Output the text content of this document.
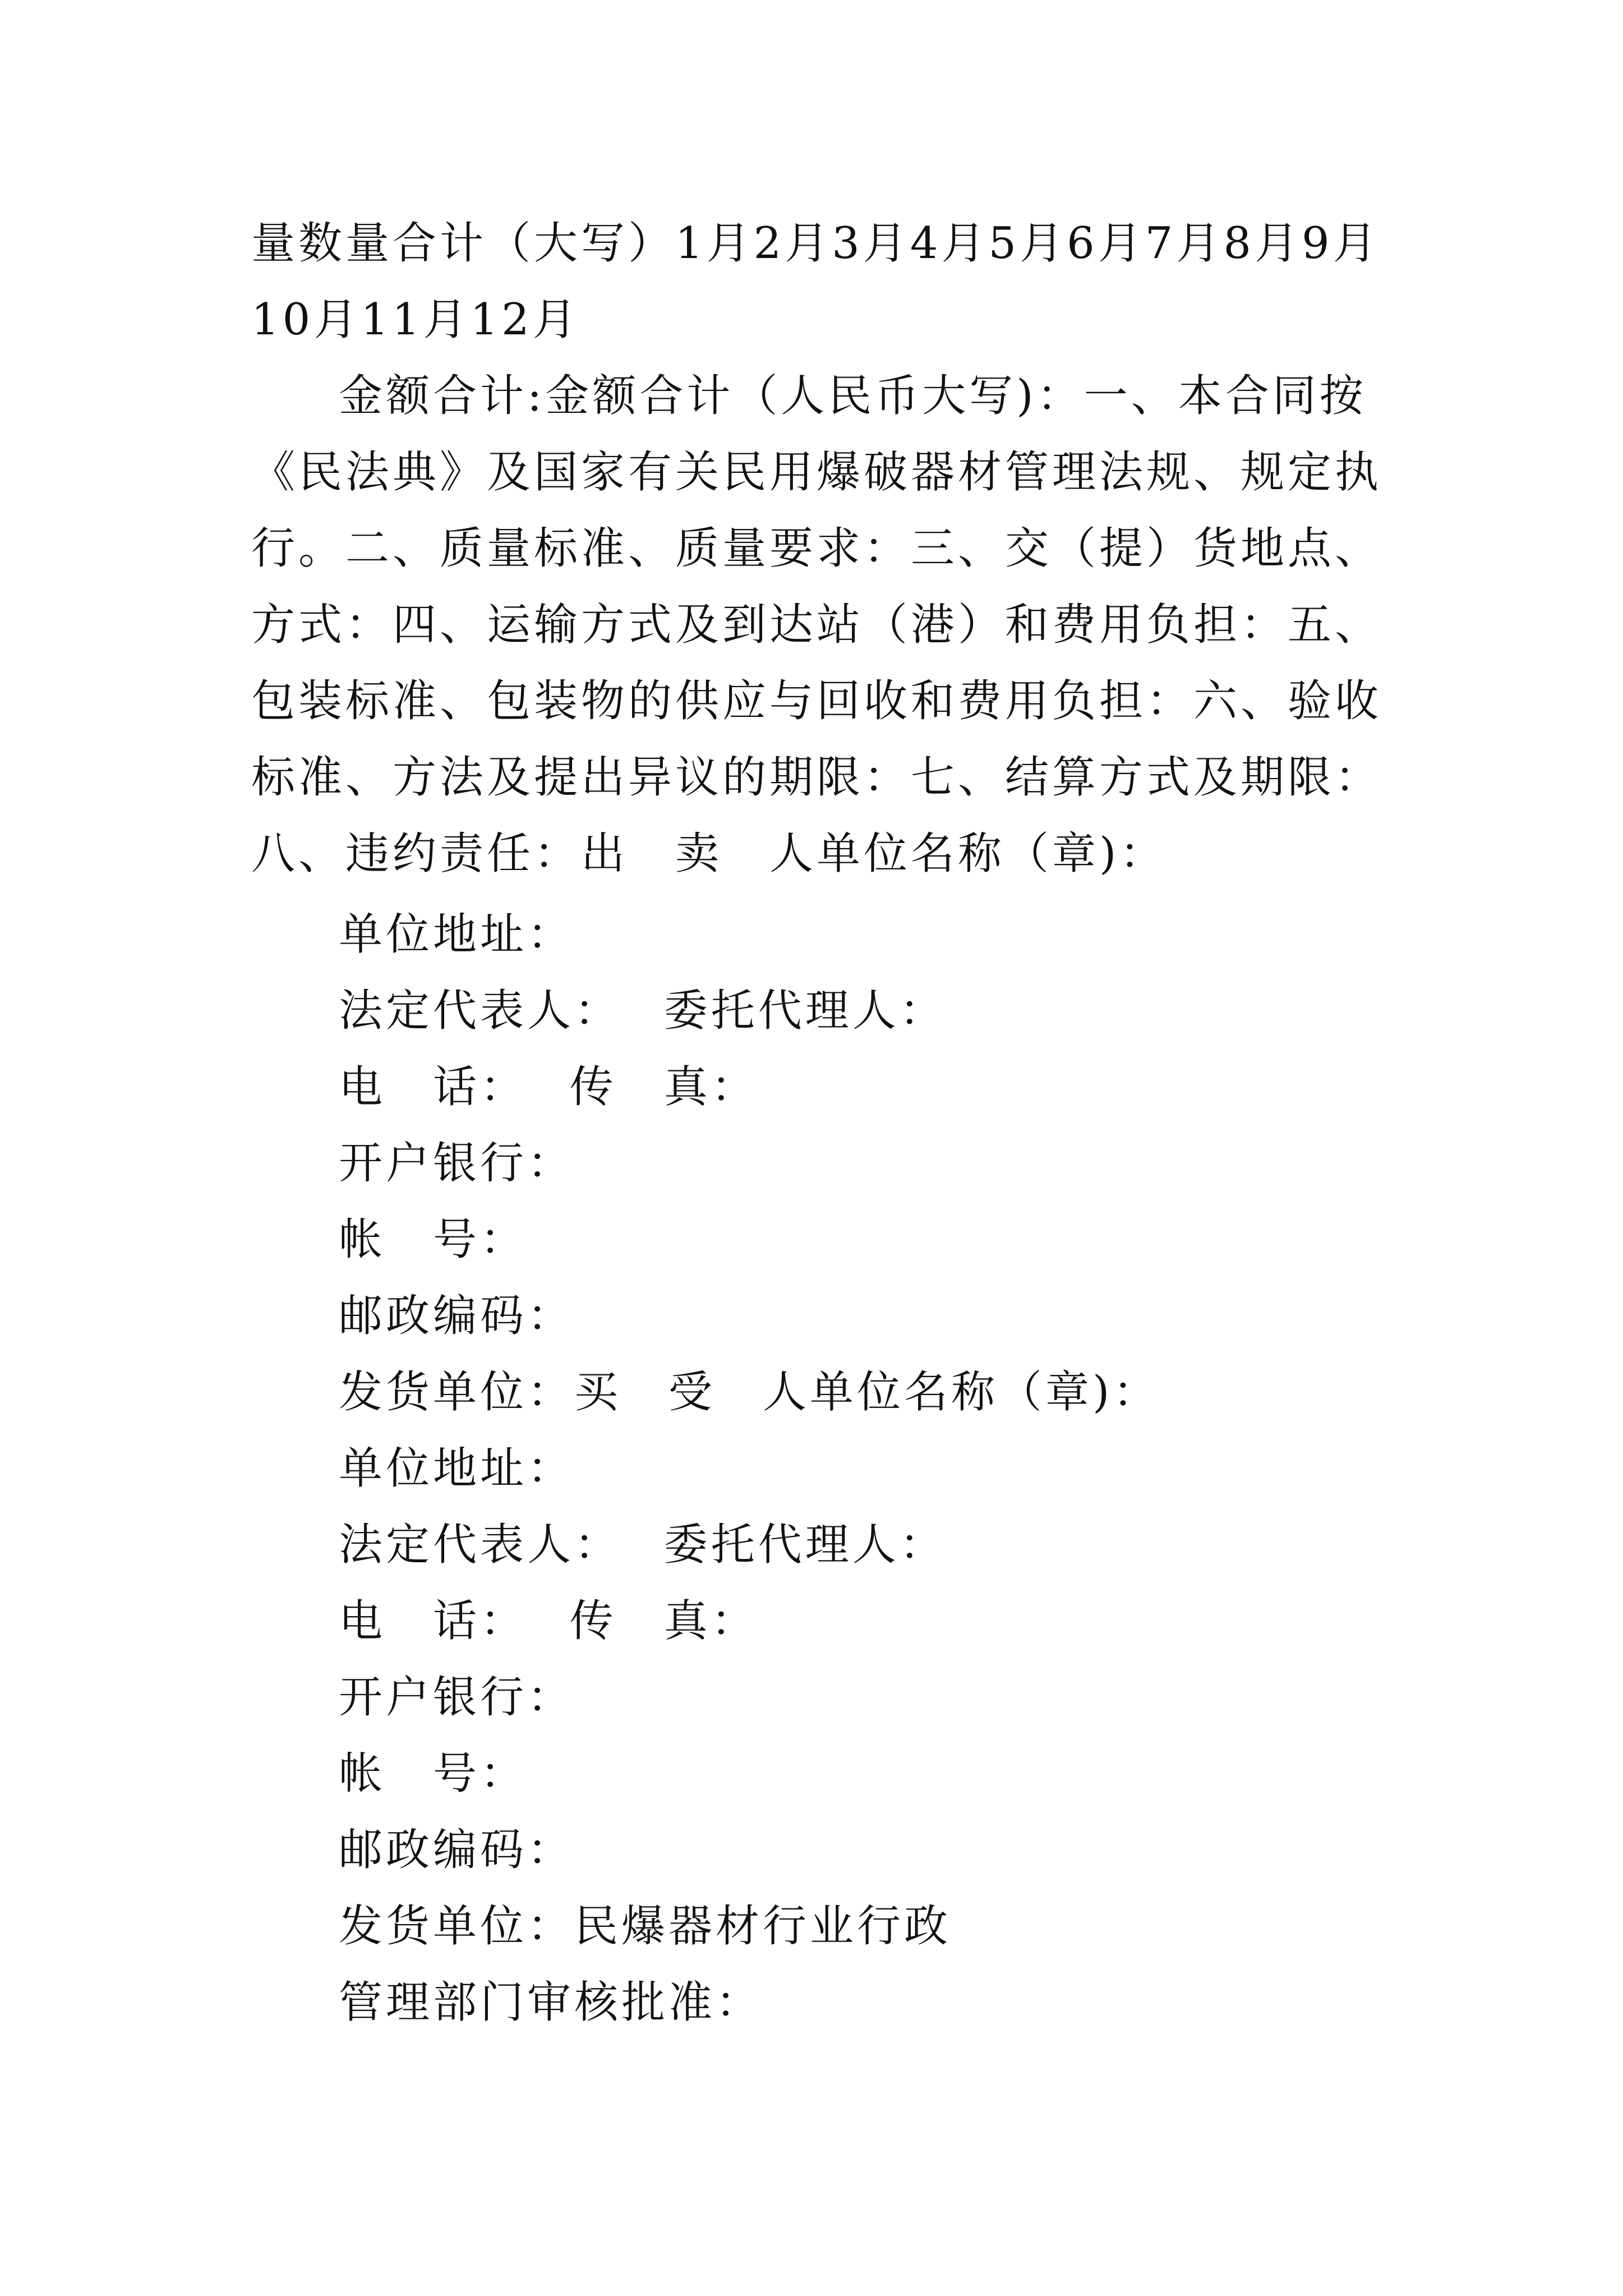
量数量合计（大写）1月2月3月4月5月6月7月8月9月10月11月12月

金额合计:金额合计（人民币大写)：一、本合同按《民法典》及国家有关民用爆破器材管理法规、规定执行。二、质量标准、质量要求：三、交（提）货地点、方式：四、运输方式及到达站（港）和费用负担：五、包装标准、包装物的供应与回收和费用负担：六、验收标准、方法及提出异议的期限：七、结算方式及期限：八、违约责任：出　卖　人单位名称（章)：

单位地址：
法定代表人：　 委托代理人：
电　话：　 传　真：
开户银行：
帐　号：
邮政编码：
发货单位：买　受　人单位名称（章)：
单位地址：
法定代表人：　 委托代理人：
电　话：　 传　真：
开户银行：
帐　号：
邮政编码：
发货单位：民爆器材行业行政
管理部门审核批准：
